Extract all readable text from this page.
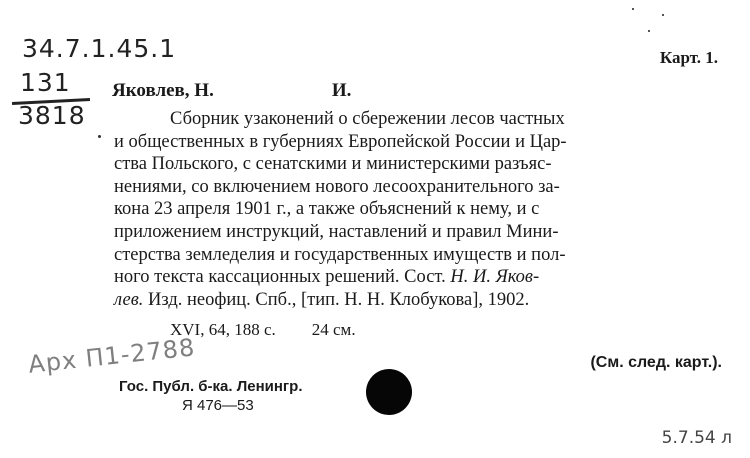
34.7.1.45.1
131
3818
Карт. 1.
Яковлев, Н.	И.
Сборник узаконений о сбережении лесов частных
и общественных в губерниях Европейской России и Цар-
ства Польского, с сенатскими и министерскими разъяс-
нениями, со включением нового лесоохранительного за-
кона 23 апреля 1901 г., а также объяснений к нему, и с
приложением инструкций, наставлений и правил Мини-
стерства земледелия и государственных имуществ и пол-
ного текста кассационных решений. Сост. Н. И. Яков-
лев. Изд. неофиц. Спб., [тип. Н. Н. Клобукова], 1902.
XVI, 64, 188 с. 24 см.
(См. след. карт.).
Арх П1-2788
Гос. Публ. б-ка. Ленингр.
Я 476—53
5.7.54 л
